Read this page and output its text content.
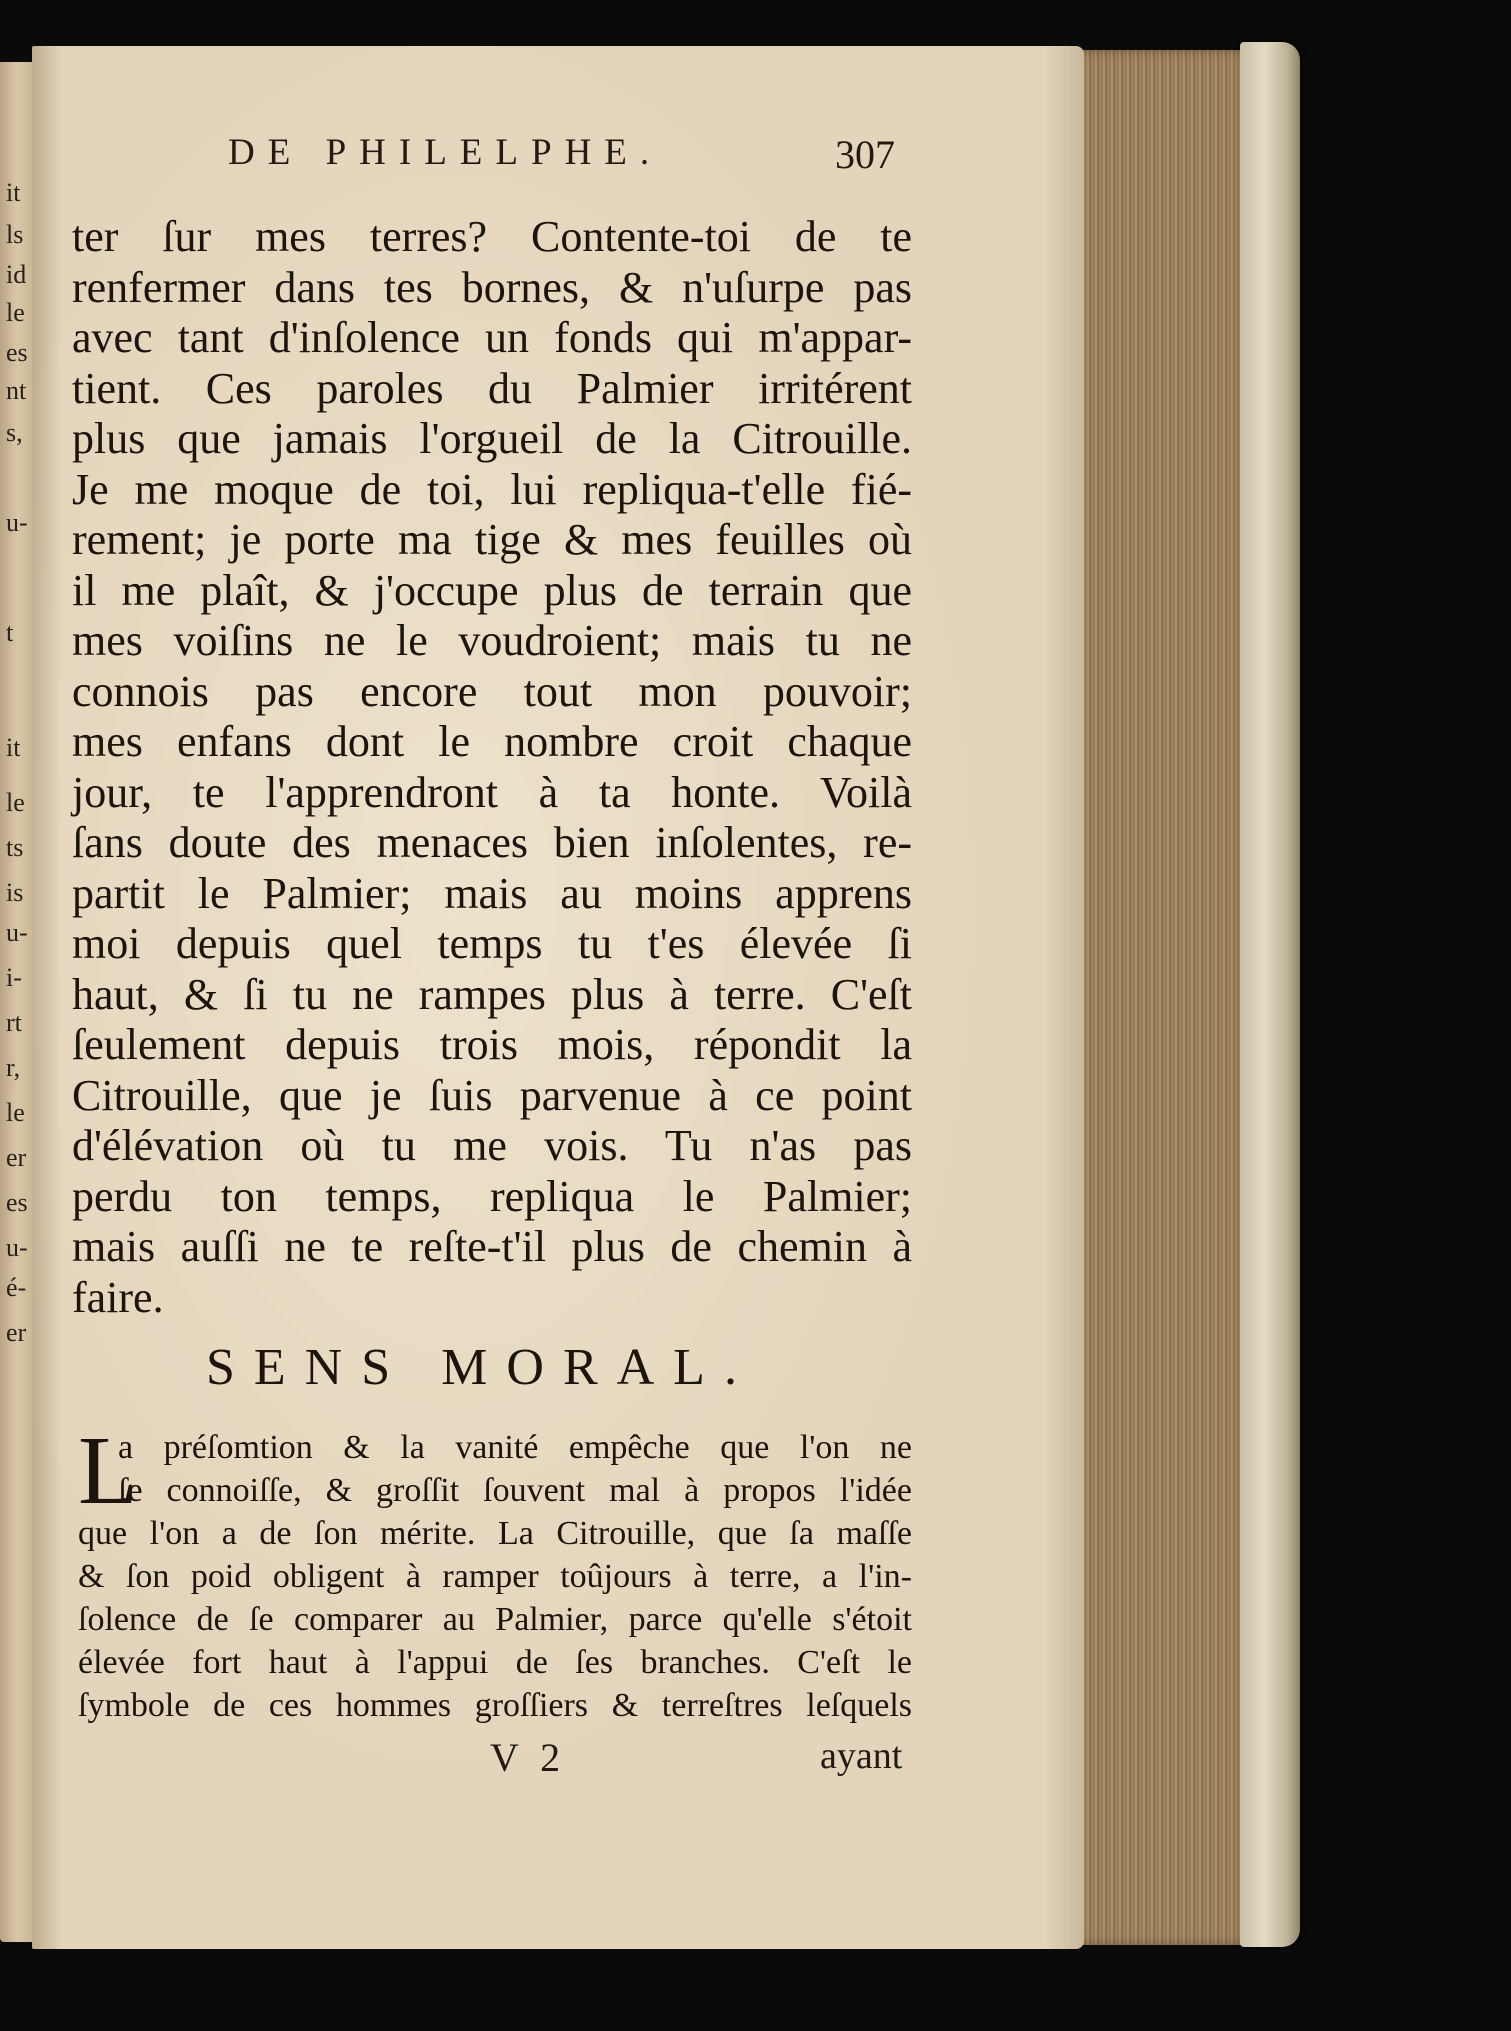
it
ls
id
le
es
nt
s,
u-
t
it
le
ts
is
u-
i-
rt
r,
le
er
es
u-
é-
er
DE PHILELPHE.	307
ter ſur mes terres? Contente-toi de te
renfermer dans tes bornes, & n'uſurpe pas
avec tant d'inſolence un fonds qui m'appar-
tient. Ces paroles du Palmier irritérent
plus que jamais l'orgueil de la Citrouille.
Je me moque de toi, lui repliqua-t'elle fié-
rement; je porte ma tige & mes feuilles où
il me plaît, & j'occupe plus de terrain que
mes voiſins ne le voudroient; mais tu ne
connois pas encore tout mon pouvoir;
mes enfans dont le nombre croit chaque
jour, te l'apprendront à ta honte. Voilà
ſans doute des menaces bien inſolentes, re-
partit le Palmier; mais au moins apprens
moi depuis quel temps tu t'es élevée ſi
haut, & ſi tu ne rampes plus à terre. C'eſt
ſeulement depuis trois mois, répondit la
Citrouille, que je ſuis parvenue à ce point
d'élévation où tu me vois. Tu n'as pas
perdu ton temps, repliqua le Palmier;
mais auſſi ne te reſte-t'il plus de chemin à
faire.
SENS MORAL.
L
a préſomtion & la vanité empêche que l'on ne
ſe connoiſſe, & groſſit ſouvent mal à propos l'idée
que l'on a de ſon mérite. La Citrouille, que ſa maſſe
& ſon poid obligent à ramper toûjours à terre, a l'in-
ſolence de ſe comparer au Palmier, parce qu'elle s'étoit
élevée fort haut à l'appui de ſes branches. C'eſt le
ſymbole de ces hommes groſſiers & terreſtres leſquels
V 2	ayant
